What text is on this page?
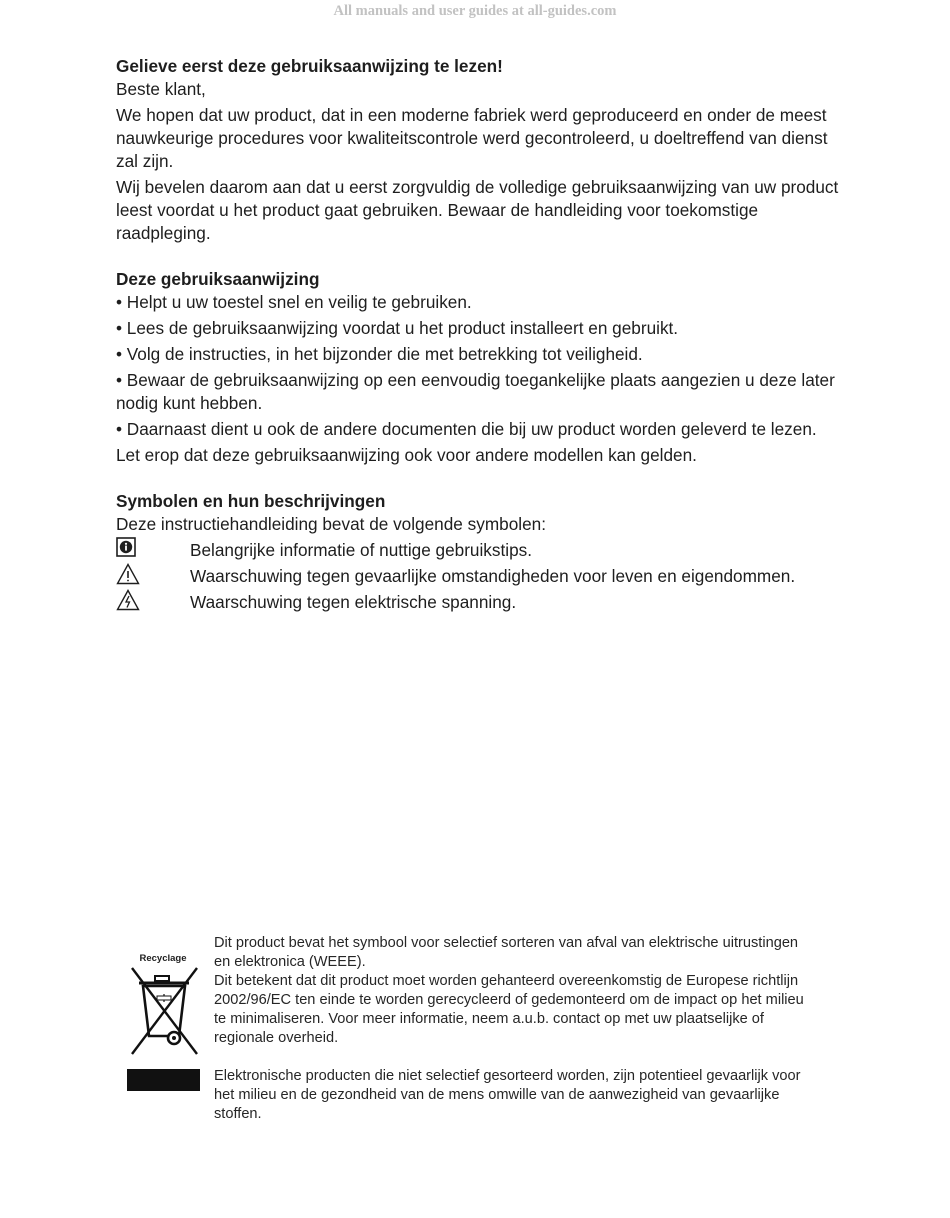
All manuals and user guides at all-guides.com
Gelieve eerst deze gebruiksaanwijzing te lezen!
Beste klant,
We hopen dat uw product, dat in een moderne fabriek werd geproduceerd en onder de meest nauwkeurige procedures voor kwaliteitscontrole werd gecontroleerd, u doeltreffend van dienst zal zijn.
Wij bevelen daarom aan dat u eerst zorgvuldig de volledige gebruiksaanwijzing van uw product leest voordat u het product gaat gebruiken. Bewaar de handleiding voor toekomstige raadpleging.
Deze gebruiksaanwijzing
• Helpt u uw toestel snel en veilig te gebruiken.
• Lees de gebruiksaanwijzing voordat u het product installeert en gebruikt.
• Volg de instructies, in het bijzonder die met betrekking tot veiligheid.
• Bewaar de gebruiksaanwijzing op een eenvoudig toegankelijke plaats aangezien u deze later nodig kunt hebben.
• Daarnaast dient u ook de andere documenten die bij uw product worden geleverd te lezen.
Let erop dat deze gebruiksaanwijzing ook voor andere modellen kan gelden.
Symbolen en hun beschrijvingen
Deze instructiehandleiding bevat de volgende symbolen:
Belangrijke informatie of nuttige gebruikstips.
Waarschuwing tegen gevaarlijke omstandigheden voor leven en eigendommen.
Waarschuwing tegen elektrische spanning.
Recyclage
Dit product bevat het symbool voor selectief sorteren van afval van elektrische uitrustingen en elektronica (WEEE).
Dit betekent dat dit product moet worden gehanteerd overeenkomstig de Europese richtlijn 2002/96/EC ten einde te worden gerecycleerd of gedemonteerd om de impact op het milieu te minimaliseren. Voor meer informatie, neem a.u.b. contact op met uw plaatselijke of regionale overheid.
Elektronische producten die niet selectief gesorteerd worden, zijn potentieel gevaarlijk voor het milieu en de gezondheid van de mens omwille van de aanwezigheid van gevaarlijke stoffen.
